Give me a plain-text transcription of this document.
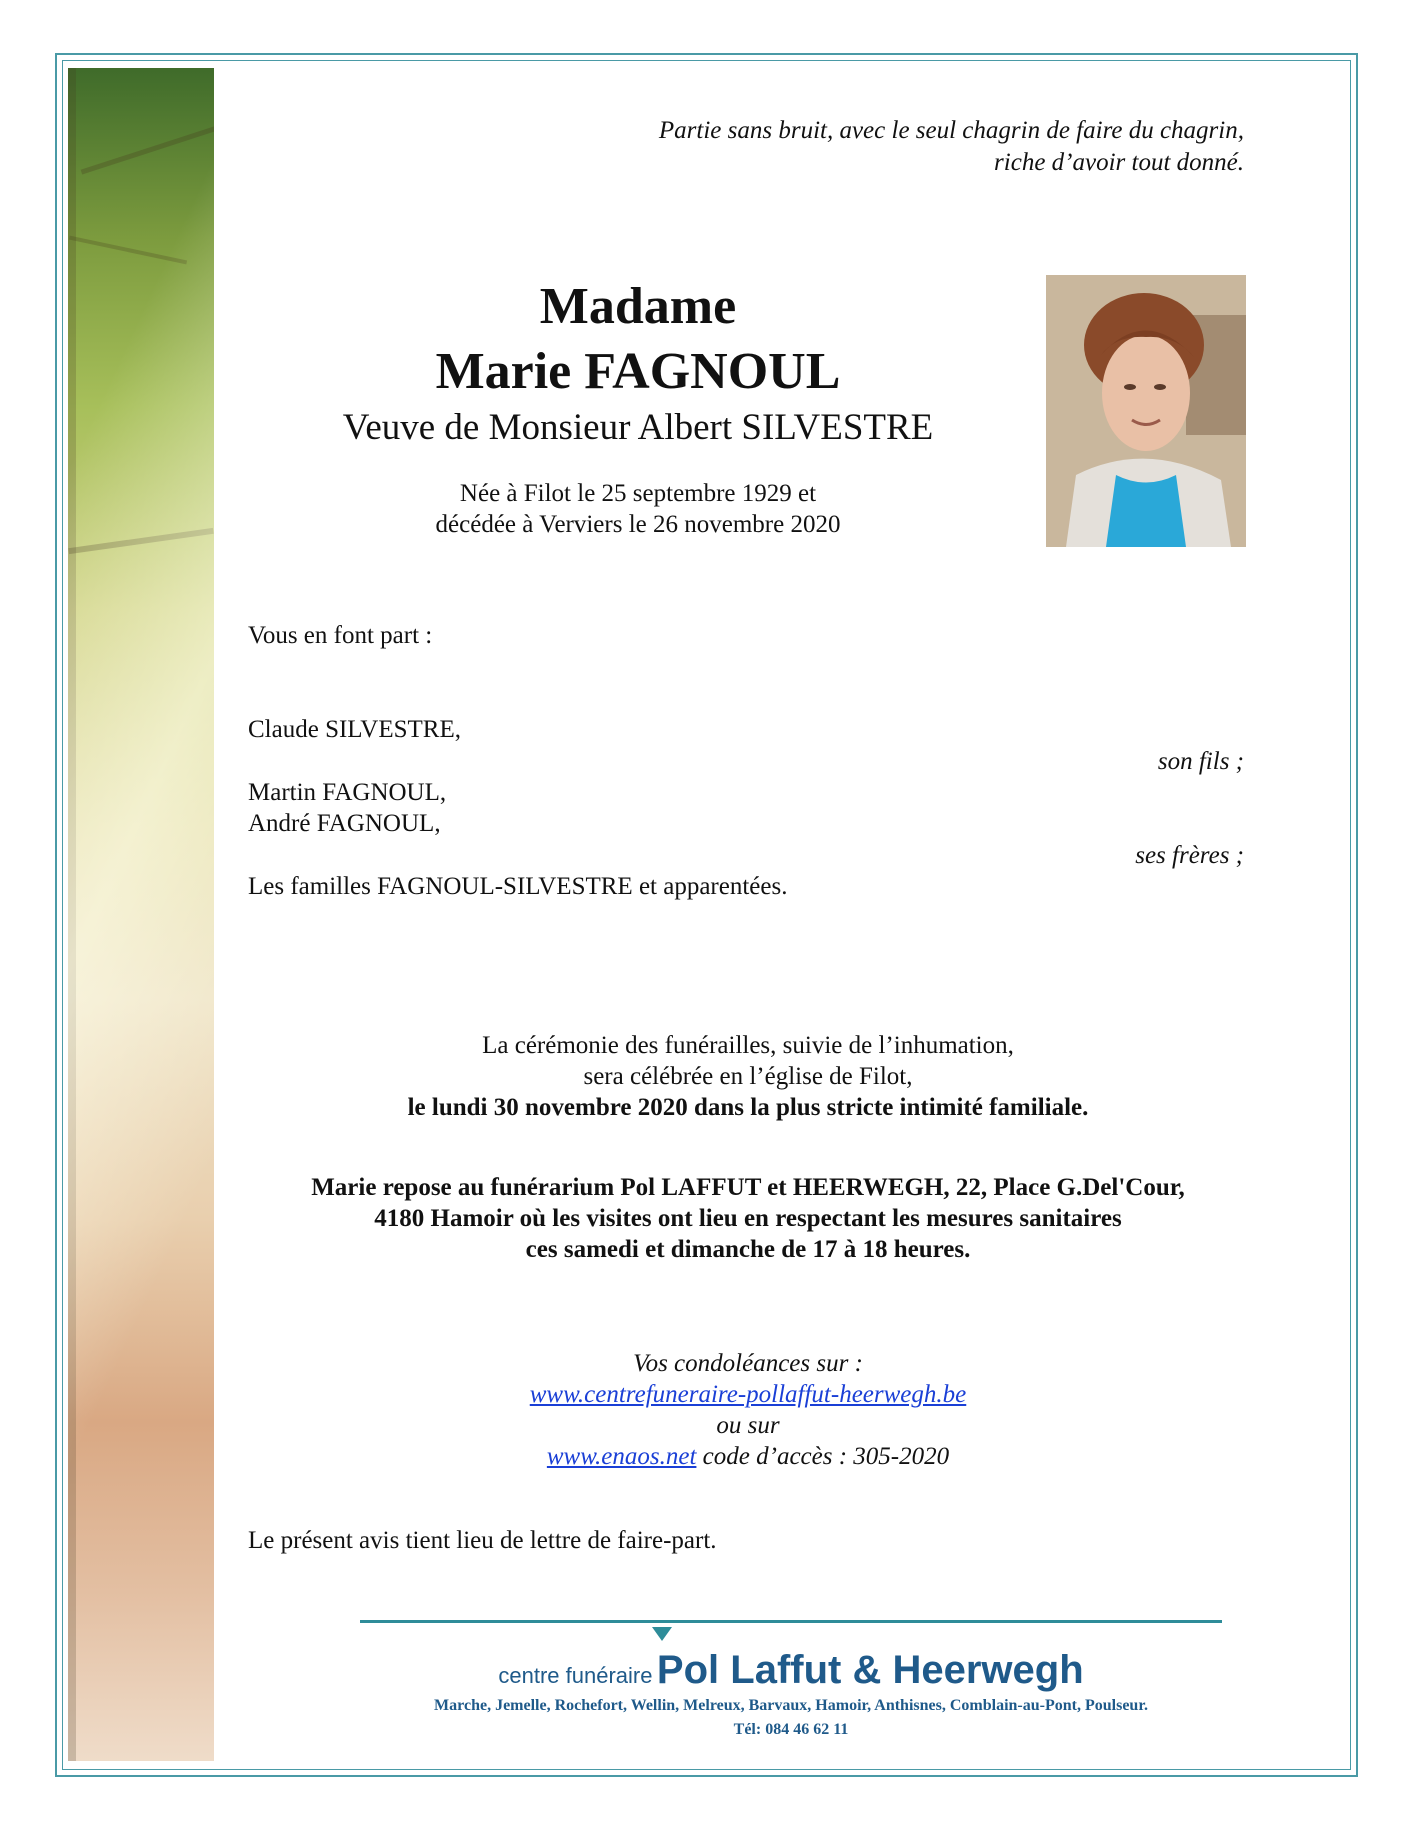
Partie sans bruit, avec le seul chagrin de faire du chagrin,
riche d’avoir tout donné.
Madame
Marie FAGNOUL
Veuve de Monsieur Albert SILVESTRE
Née à Filot le 25 septembre 1929 et
décédée à Verviers le 26 novembre 2020
Vous en font part :
Claude SILVESTRE,
son fils ;
Martin FAGNOUL,
André FAGNOUL,
ses frères ;
Les familles FAGNOUL-SILVESTRE et apparentées.
La cérémonie des funérailles, suivie de l’inhumation,
sera célébrée en l’église de Filot,
le lundi 30 novembre 2020 dans la plus stricte intimité familiale.
Marie repose au funérarium Pol LAFFUT et HEERWEGH, 22, Place G.Del'Cour,
4180 Hamoir où les visites ont lieu en respectant les mesures sanitaires
ces samedi et dimanche de 17 à 18 heures.
Vos condoléances sur :
www.centrefuneraire-pollaffut-heerwegh.be
ou sur
www.enaos.net code d’accès : 305-2020
Le présent avis tient lieu de lettre de faire-part.
centre funéraire Pol Laffut & Heerwegh
Marche, Jemelle, Rochefort, Wellin, Melreux, Barvaux, Hamoir, Anthisnes, Comblain-au-Pont, Poulseur.
Tél: 084 46 62 11
